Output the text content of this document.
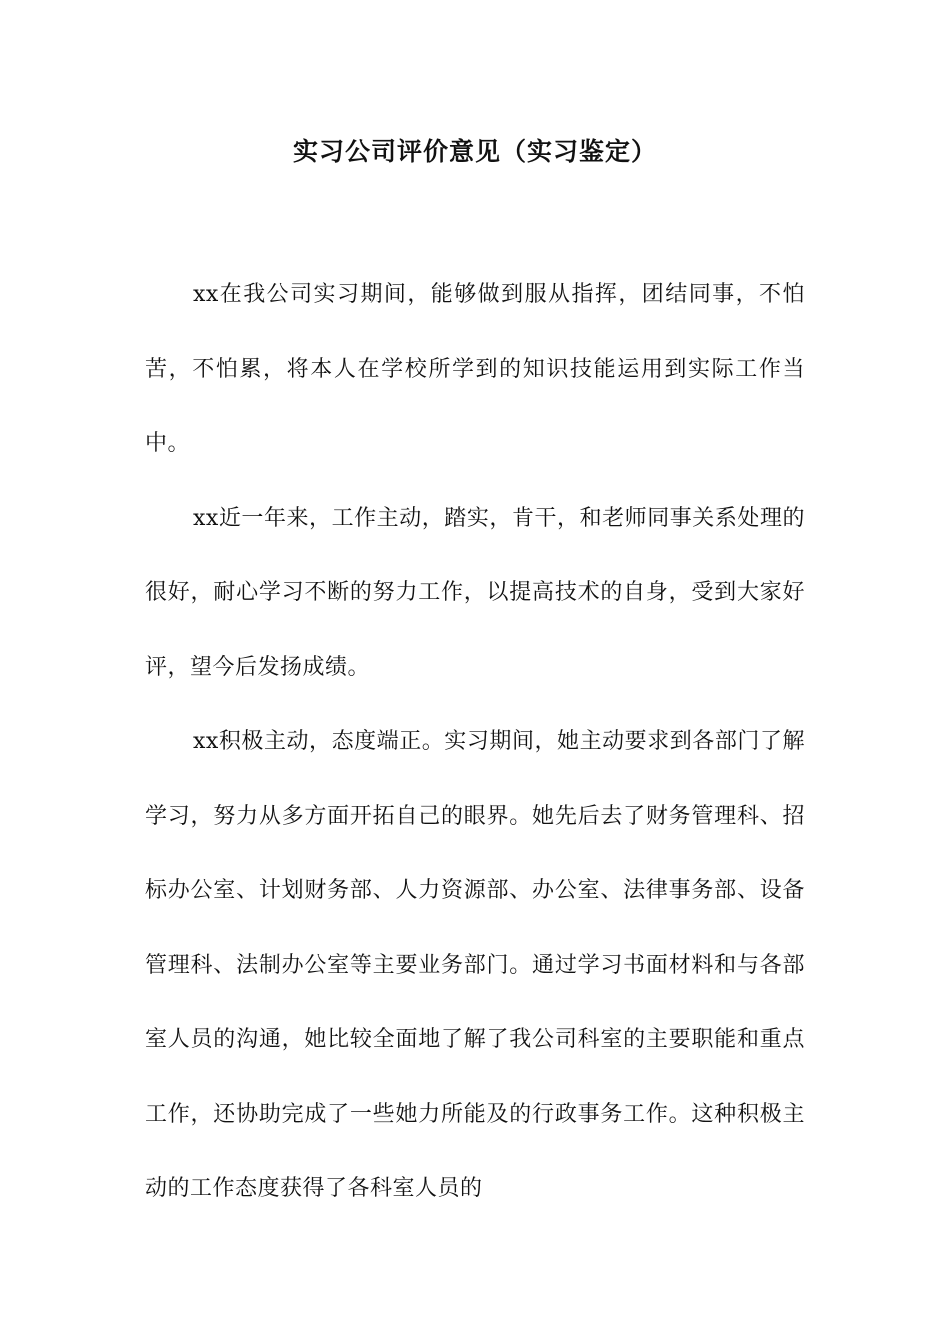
实习公司评价意见（实习鉴定）

xx在我公司实习期间，能够做到服从指挥，团结同事，不怕苦，不怕累，将本人在学校所学到的知识技能运用到实际工作当中。

xx近一年来，工作主动，踏实，肯干，和老师同事关系处理的很好，耐心学习不断的努力工作，以提高技术的自身，受到大家好评，望今后发扬成绩。

xx积极主动，态度端正。实习期间，她主动要求到各部门了解学习，努力从多方面开拓自己的眼界。她先后去了财务管理科、招标办公室、计划财务部、人力资源部、办公室、法律事务部、设备管理科、法制办公室等主要业务部门。通过学习书面材料和与各部室人员的沟通，她比较全面地了解了我公司科室的主要职能和重点工作，还协助完成了一些她力所能及的行政事务工作。这种积极主动的工作态度获得了各科室人员的
